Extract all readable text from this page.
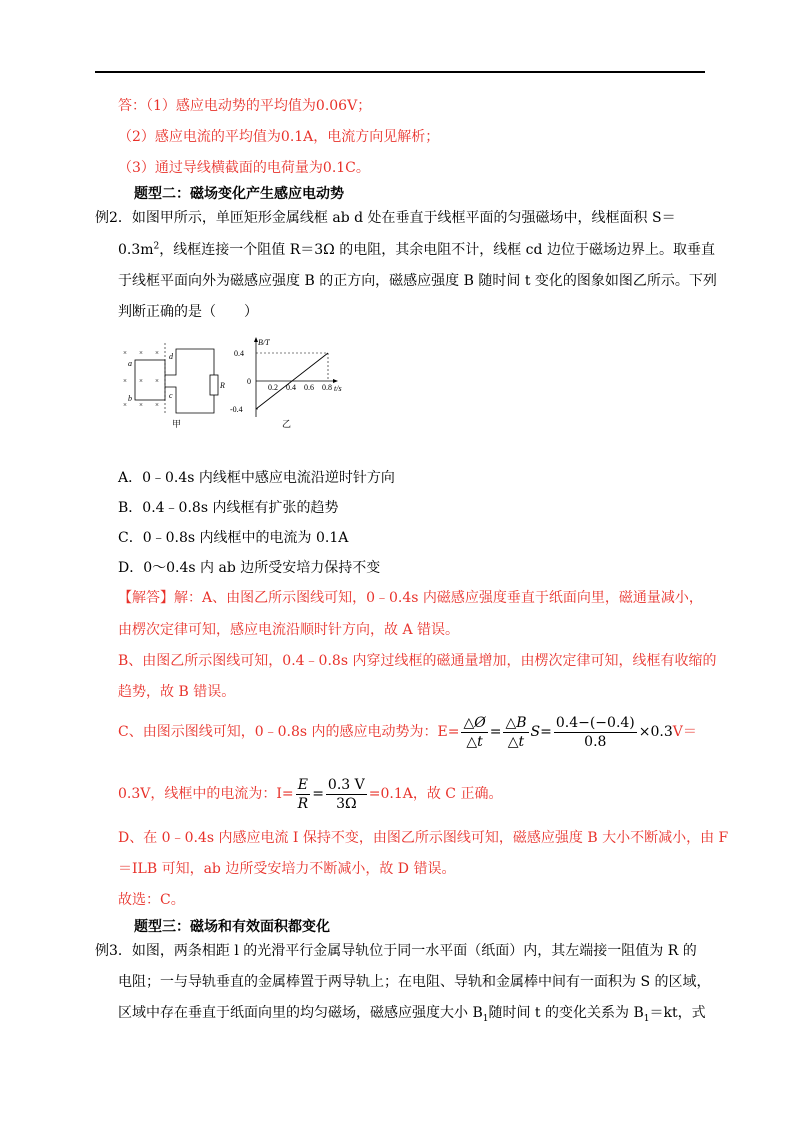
答：（1）感应电动势的平均值为0.06V；
（2）感应电流的平均值为0.1A，电流方向见解析；
（3）通过导线横截面的电荷量为0.1C。
题型二：磁场变化产生感应电动势
例2．如图甲所示，单匝矩形金属线框 ab d 处在垂直于线框平面的匀强磁场中，线框面积 S＝
$0.3m^2$，线框连接一个阻值 R＝3Ω 的电阻，其余电阻不计，线框 cd 边位于磁场边界上。取垂直
于线框平面向外为磁感应强度 B 的正方向，磁感应强度 B 随时间 t 变化的图象如图乙所示。下列
判断正确的是（　　）
× × ×
× × ×
× × ×
a
b	c
d
R
甲
B/T
t/s
0.4
0
-0.4
0.2 0.4 0.6 0.8
乙
A．0﹣0.4s 内线框中感应电流沿逆时针方向
B．0.4﹣0.8s 内线框有扩张的趋势
C．0﹣0.8s 内线框中的电流为 0.1A
D．0～0.4s 内 ab 边所受安培力保持不变
【解答】解：A、由图乙所示图线可知，0﹣0.4s 内磁感应强度垂直于纸面向里，磁通量减小，
由楞次定律可知，感应电流沿顺时针方向，故 A 错误。
B、由图乙所示图线可知，0.4﹣0.8s 内穿过线框的磁通量增加，由楞次定律可知，线框有收缩的
趋势，故 B 错误。
C、由图示图线可知，0﹣0.8s 内的感应电动势为：$E= \frac{\triangle Ø}{\triangle t} = \frac{\triangle B}{\triangle t}$ $S = \frac{0.4-(-0.4)}{0.8} \times 0.3$ V＝
0.3V，线框中的电流为：$I= \frac{E}{R} = \frac{0.3 V}{3\Omega} =0.1A$，故 C 正确。
D、在 0﹣0.4s 内感应电流 I 保持不变，由图乙所示图线可知，磁感应强度 B 大小不断减小，由 F
＝ILB 可知，ab 边所受安培力不断减小，故 D 错误。
故选：C。
题型三：磁场和有效面积都变化
例3．如图，两条相距 l 的光滑平行金属导轨位于同一水平面（纸面）内，其左端接一阻值为 R 的
电阻；一与导轨垂直的金属棒置于两导轨上；在电阻、导轨和金属棒中间有一面积为 S 的区域，
区域中存在垂直于纸面向里的均匀磁场，磁感应强度大小 $B_1$随时间 t 的变化关系为 $B_1=kt$，式
